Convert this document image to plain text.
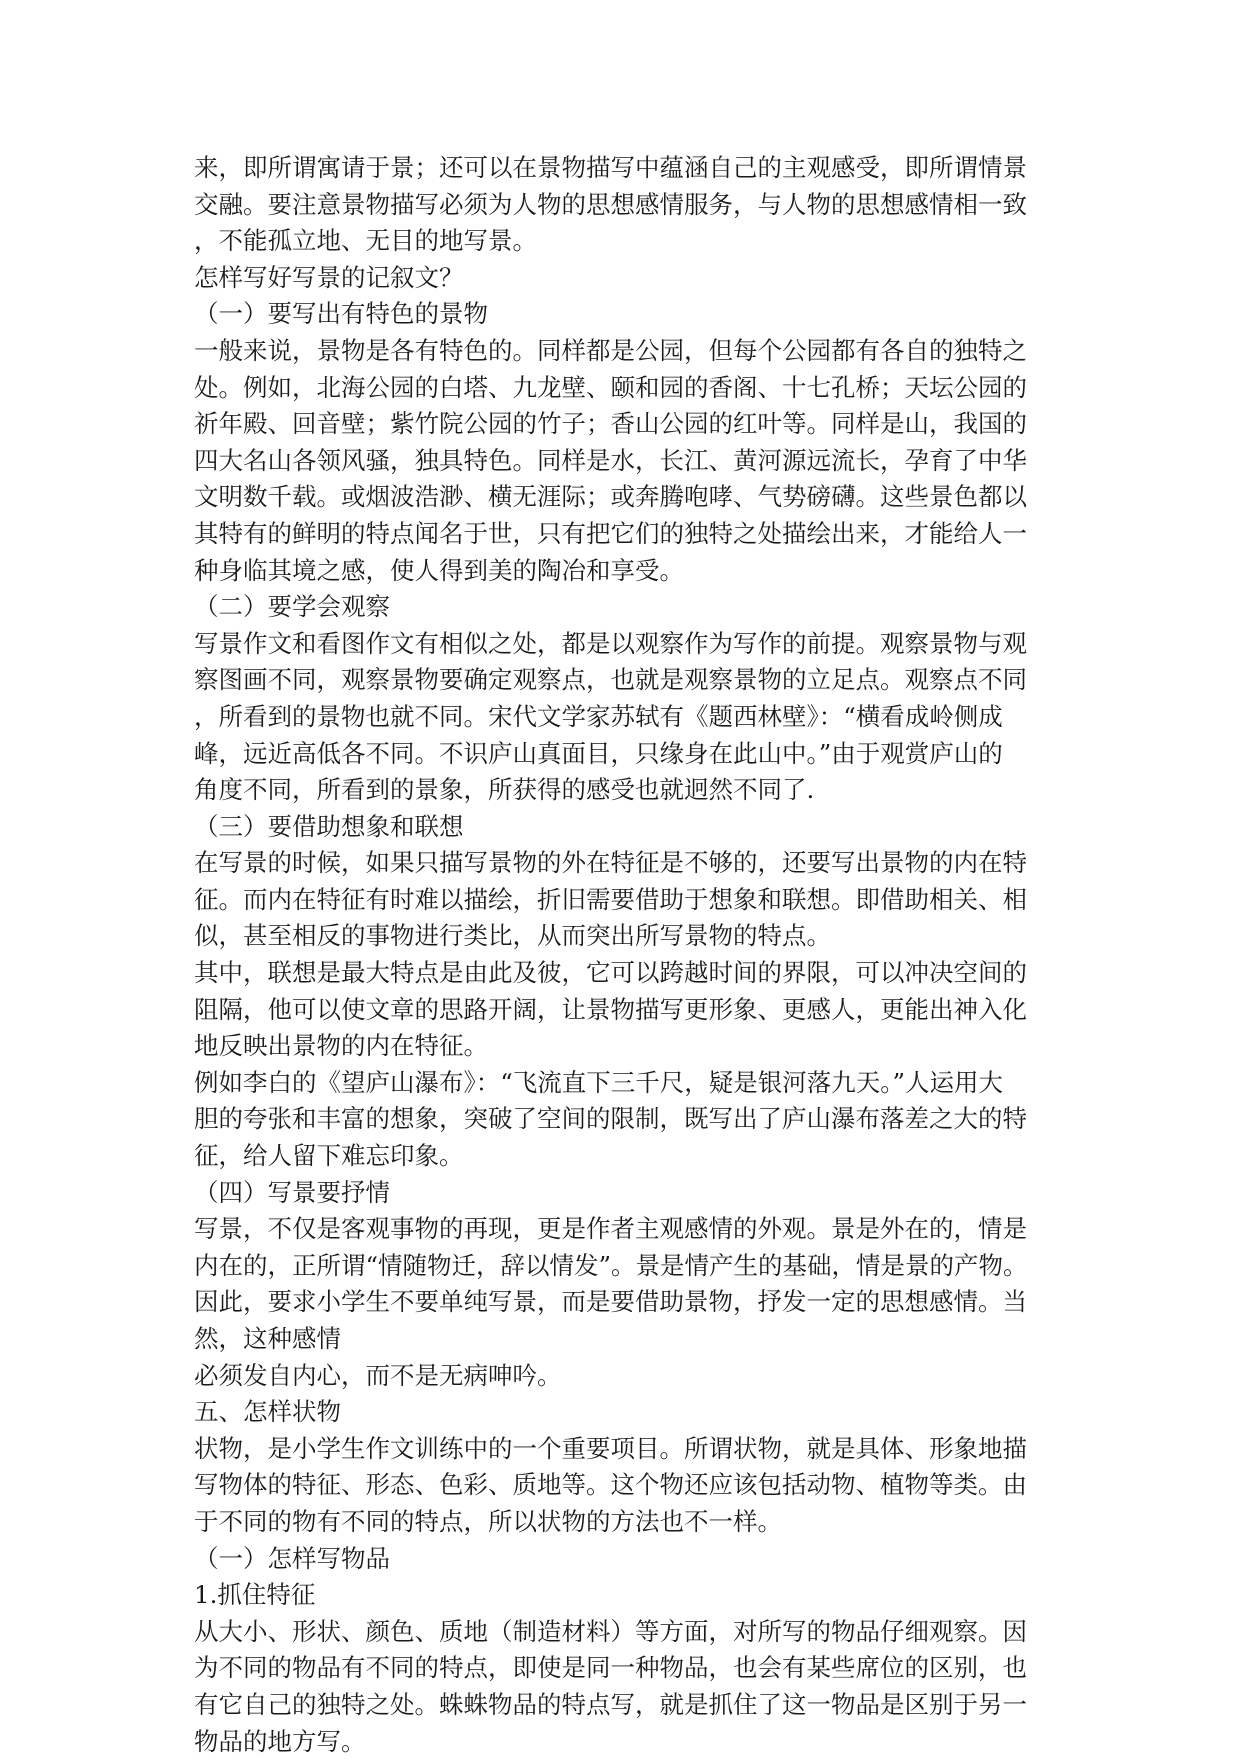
来，即所谓寓请于景；还可以在景物描写中蕴涵自己的主观感受，即所谓情景
交融。要注意景物描写必须为人物的思想感情服务，与人物的思想感情相一致
，不能孤立地、无目的地写景。
怎样写好写景的记叙文？
（一）要写出有特色的景物
一般来说，景物是各有特色的。同样都是公园，但每个公园都有各自的独特之
处。例如，北海公园的白塔、九龙壁、颐和园的香阁、十七孔桥；天坛公园的
祈年殿、回音壁；紫竹院公园的竹子；香山公园的红叶等。同样是山，我国的
四大名山各领风骚，独具特色。同样是水，长江、黄河源远流长，孕育了中华
文明数千载。或烟波浩渺、横无涯际；或奔腾咆哮、气势磅礴。这些景色都以
其特有的鲜明的特点闻名于世，只有把它们的独特之处描绘出来，才能给人一
种身临其境之感，使人得到美的陶冶和享受。
（二）要学会观察
写景作文和看图作文有相似之处，都是以观察作为写作的前提。观察景物与观
察图画不同，观察景物要确定观察点，也就是观察景物的立足点。观察点不同
，所看到的景物也就不同。宋代文学家苏轼有《题西林壁》：“横看成岭侧成
峰，远近高低各不同。不识庐山真面目，只缘身在此山中。”由于观赏庐山的
角度不同，所看到的景象，所获得的感受也就迥然不同了.
（三）要借助想象和联想
在写景的时候，如果只描写景物的外在特征是不够的，还要写出景物的内在特
征。而内在特征有时难以描绘，折旧需要借助于想象和联想。即借助相关、相
似，甚至相反的事物进行类比，从而突出所写景物的特点。
其中，联想是最大特点是由此及彼，它可以跨越时间的界限，可以冲决空间的
阻隔，他可以使文章的思路开阔，让景物描写更形象、更感人，更能出神入化
地反映出景物的内在特征。
例如李白的《望庐山瀑布》：“飞流直下三千尺，疑是银河落九天。”人运用大
胆的夸张和丰富的想象，突破了空间的限制，既写出了庐山瀑布落差之大的特
征，给人留下难忘印象。
（四）写景要抒情
写景，不仅是客观事物的再现，更是作者主观感情的外观。景是外在的，情是
内在的，正所谓“情随物迁，辞以情发”。景是情产生的基础，情是景的产物。
因此，要求小学生不要单纯写景，而是要借助景物，抒发一定的思想感情。当
然，这种感情
必须发自内心，而不是无病呻吟。
五、怎样状物
状物，是小学生作文训练中的一个重要项目。所谓状物，就是具体、形象地描
写物体的特征、形态、色彩、质地等。这个物还应该包括动物、植物等类。由
于不同的物有不同的特点，所以状物的方法也不一样。
（一）怎样写物品
1.抓住特征
从大小、形状、颜色、质地（制造材料）等方面，对所写的物品仔细观察。因
为不同的物品有不同的特点，即使是同一种物品，也会有某些席位的区别，也
有它自己的独特之处。蛛蛛物品的特点写，就是抓住了这一物品是区别于另一
物品的地方写。
